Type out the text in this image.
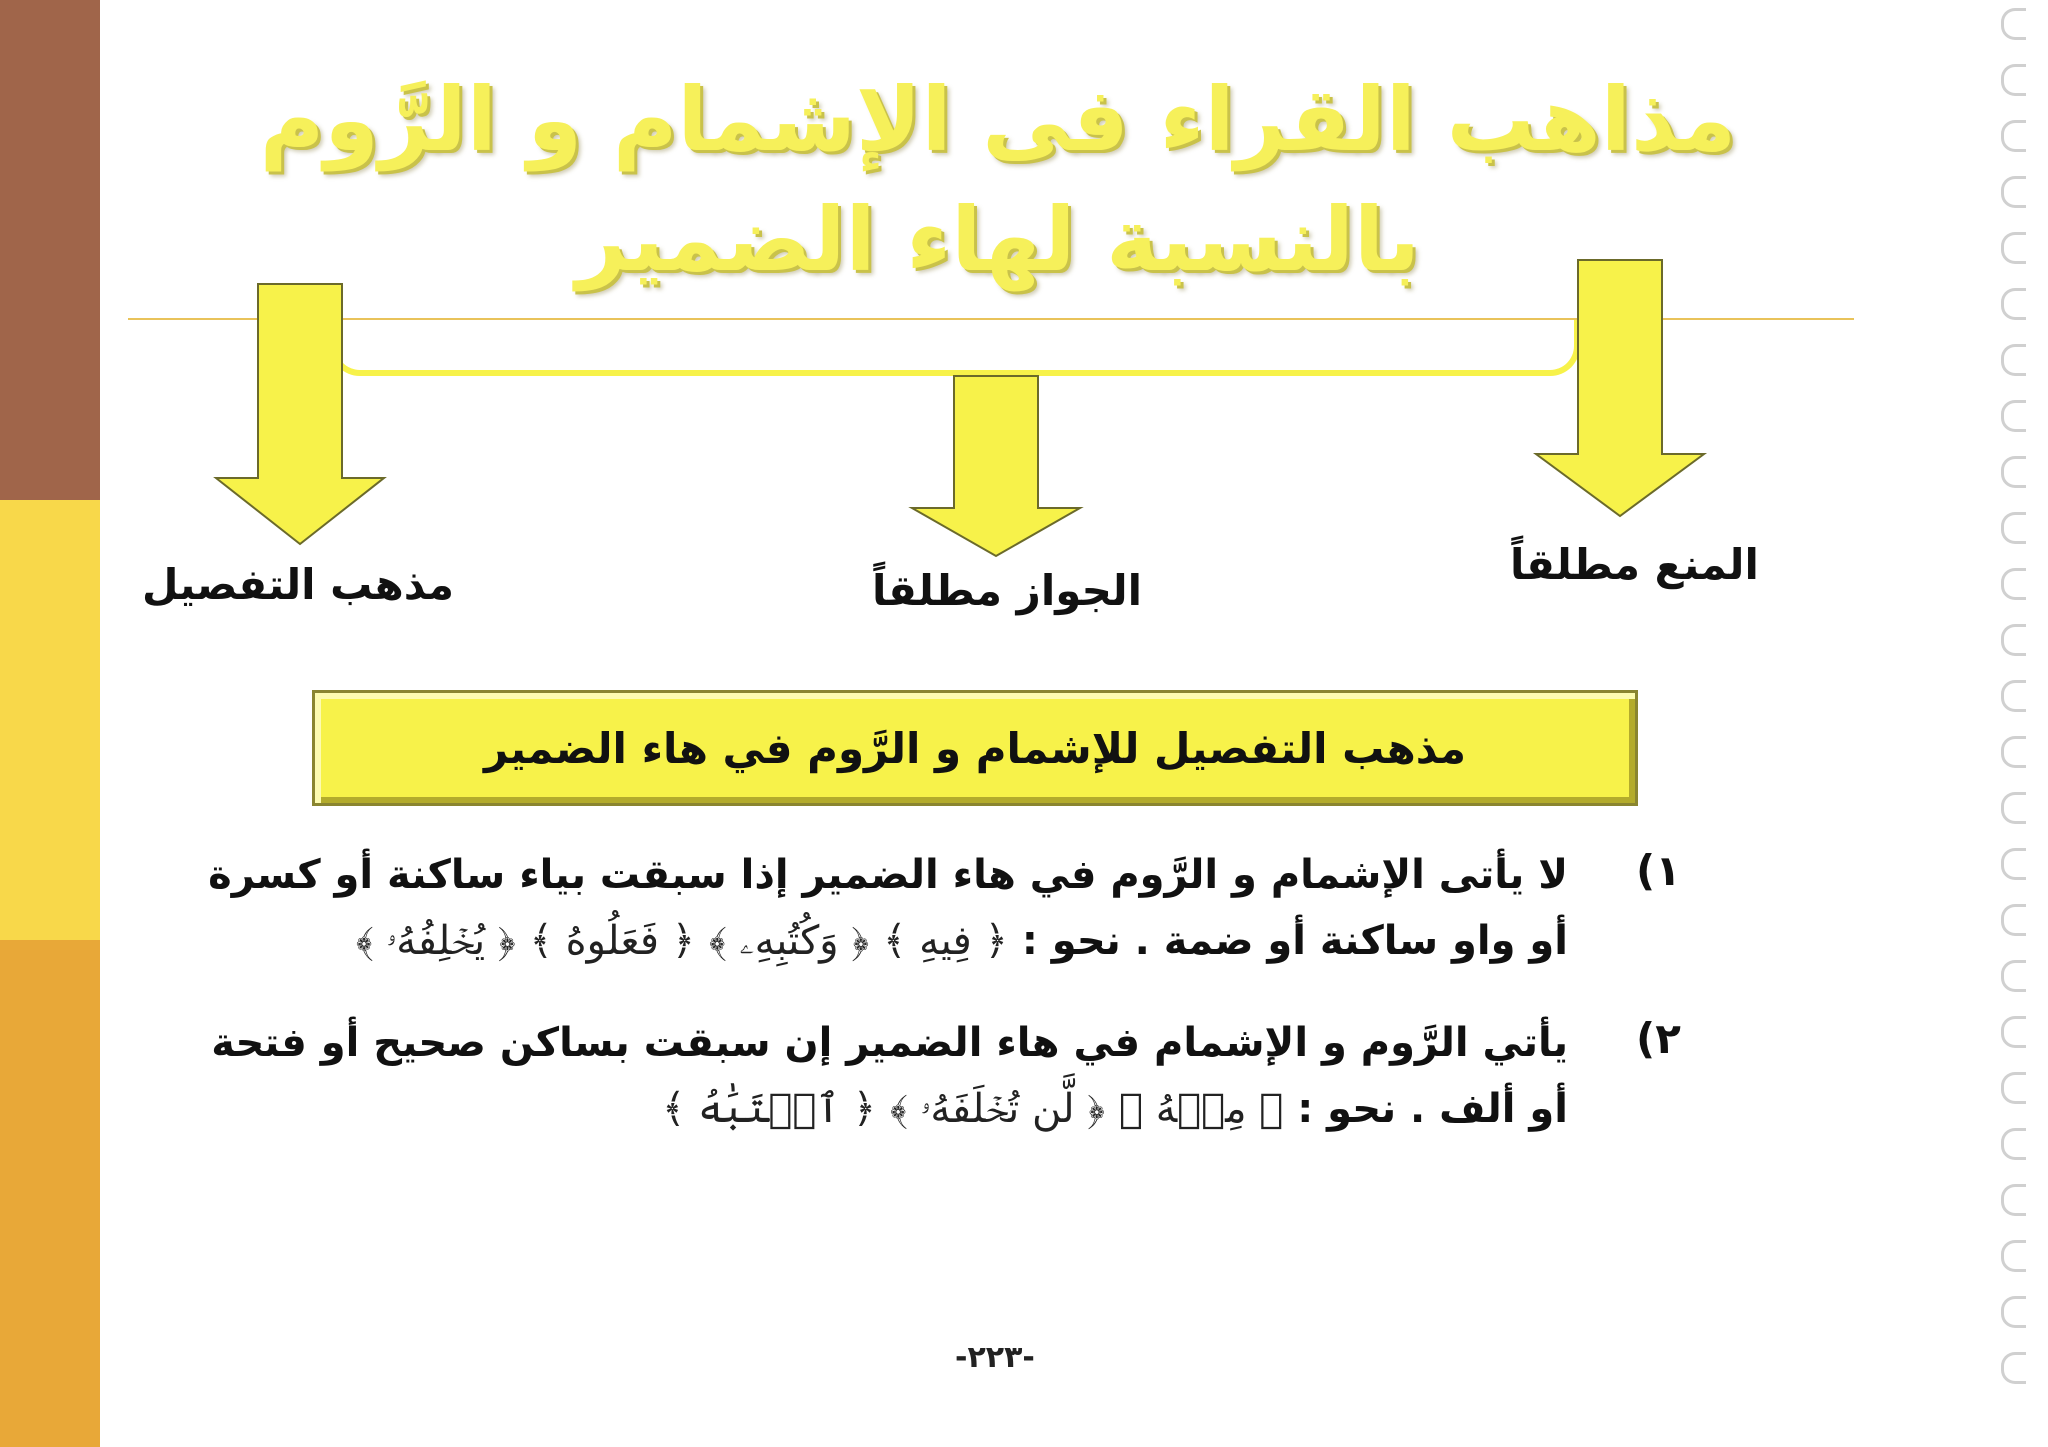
مذاهب القراء فى الإشمام و الرَّوم بالنسبة لهاء الضمير
المنع مطلقاً
الجواز مطلقاً
مذهب التفصيل
مذهب التفصيل للإشمام و الرَّوم في هاء الضمير
١)
لا يأتى الإشمام و الرَّوم في هاء الضمير إذا سبقت بياء ساكنة أو كسرة
أو واو ساكنة أو ضمة . نحو : ﴿ فِيهِ ﴾ ﴿ وَكُتُبِهِۦ ﴾ ﴿ فَعَلُوهُ ﴾ ﴿ يُخۡلِفُهُۥ ﴾
٢)
يأتي الرَّوم و الإشمام في هاء الضمير إن سبقت بساكن صحيح أو فتحة
أو ألف . نحو : ﴿ مِنۡهُ ﴾ ﴿ لَّن تُخۡلَفَهُۥ ﴾ ﴿ ٱجۡتَبَٰهُ ﴾
-٢٢٣-
